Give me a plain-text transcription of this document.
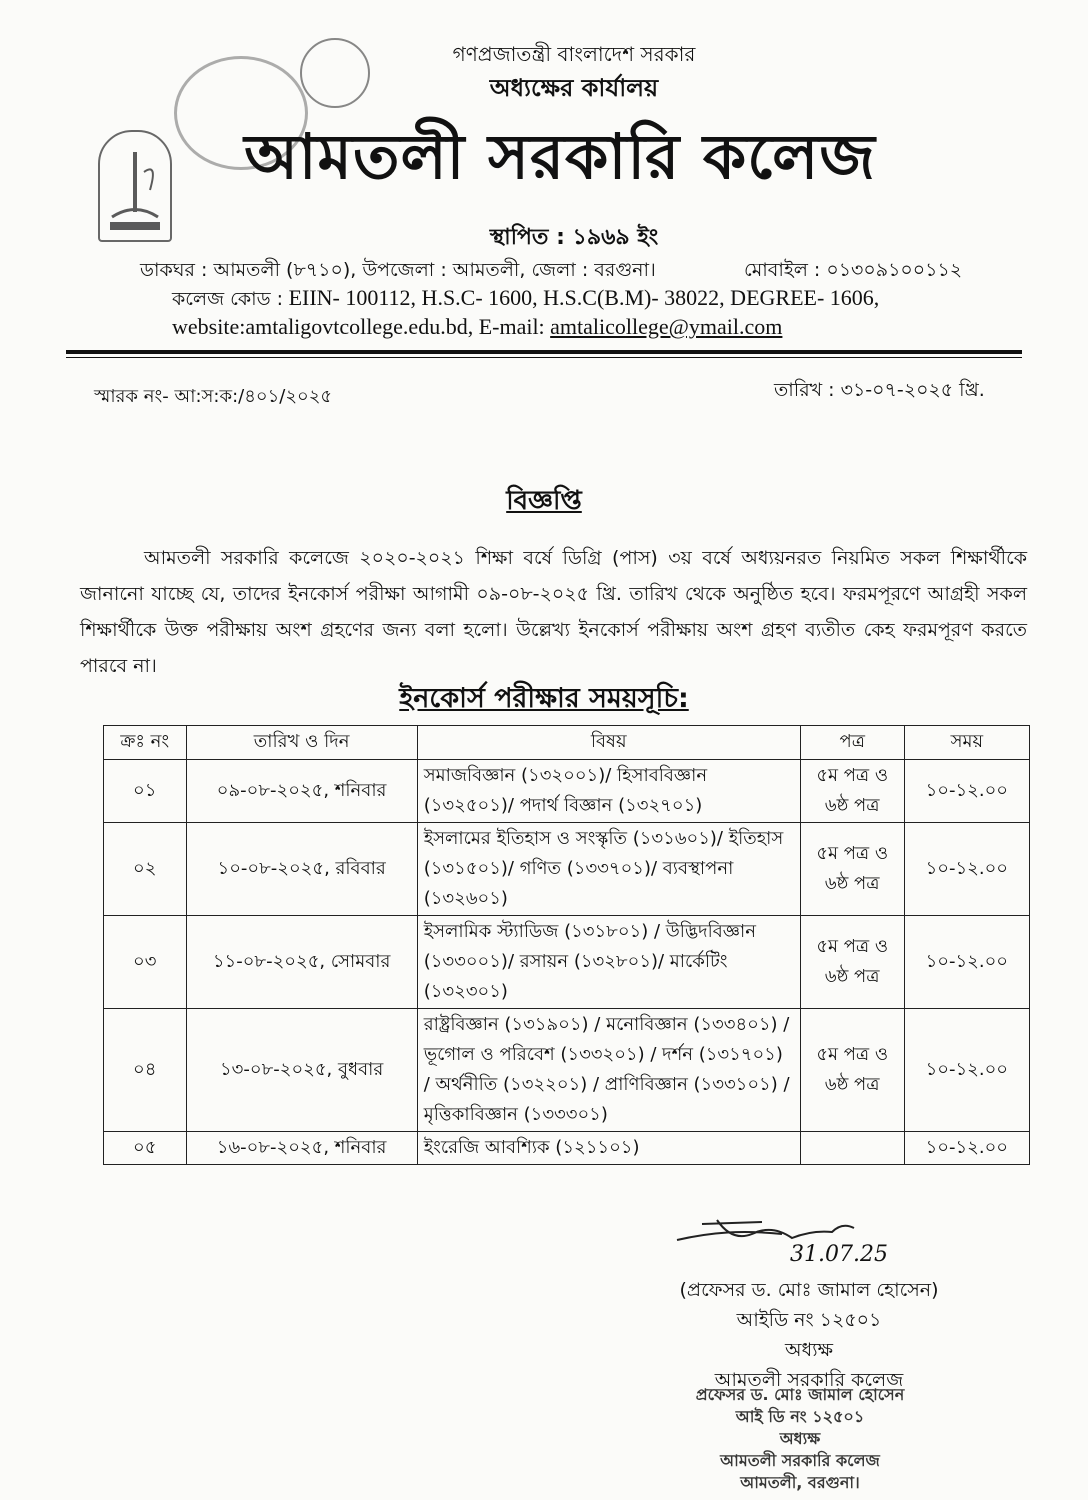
গণপ্রজাতন্ত্রী বাংলাদেশ সরকার
অধ্যক্ষের কার্যালয়
আমতলী সরকারি কলেজ
স্থাপিত : ১৯৬৯ ইং
ডাকঘর : আমতলী (৮৭১০), উপজেলা : আমতলী, জেলা : বরগুনা।	মোবাইল : ০১৩০৯১০০১১২
কলেজ কোড : EIIN- 100112, H.S.C- 1600, H.S.C(B.M)- 38022, DEGREE- 1606,
website:amtaligovtcollege.edu.bd, E-mail: amtalicollege@ymail.com
স্মারক নং- আ:স:ক:/৪০১/২০২৫	তারিখ : ৩১-০৭-২০২৫ খ্রি.
বিজ্ঞপ্তি
আমতলী সরকারি কলেজে ২০২০-২০২১ শিক্ষা বর্ষে ডিগ্রি (পাস) ৩য় বর্ষে অধ্যয়নরত নিয়মিত সকল শিক্ষার্থীকে জানানো যাচ্ছে যে, তাদের ইনকোর্স পরীক্ষা আগামী ০৯-০৮-২০২৫ খ্রি. তারিখ থেকে অনুষ্ঠিত হবে। ফরমপূরণে আগ্রহী সকল শিক্ষার্থীকে উক্ত পরীক্ষায় অংশ গ্রহণের জন্য বলা হলো। উল্লেখ্য ইনকোর্স পরীক্ষায় অংশ গ্রহণ ব্যতীত কেহ ফরমপূরণ করতে পারবে না।
ইনকোর্স পরীক্ষার সময়সূচি:
ক্রঃ নং	তারিখ ও দিন	বিষয়	পত্র	সময়
০১	০৯-০৮-২০২৫, শনিবার	সমাজবিজ্ঞান (১৩২০০১)/ হিসাববিজ্ঞান (১৩২৫০১)/ পদার্থ বিজ্ঞান (১৩২৭০১)	৫ম পত্র ও ৬ষ্ঠ পত্র	১০-১২.০০
০২	১০-০৮-২০২৫, রবিবার	ইসলামের ইতিহাস ও সংস্কৃতি (১৩১৬০১)/ ইতিহাস (১৩১৫০১)/ গণিত (১৩৩৭০১)/ ব্যবস্থাপনা (১৩২৬০১)	৫ম পত্র ও ৬ষ্ঠ পত্র	১০-১২.০০
০৩	১১-০৮-২০২৫, সোমবার	ইসলামিক স্ট্যাডিজ (১৩১৮০১) / উদ্ভিদবিজ্ঞান (১৩৩০০১)/ রসায়ন (১৩২৮০১)/ মার্কেটিং (১৩২৩০১)	৫ম পত্র ও ৬ষ্ঠ পত্র	১০-১২.০০
০৪	১৩-০৮-২০২৫, বুধবার	রাষ্ট্রবিজ্ঞান (১৩১৯০১) / মনোবিজ্ঞান (১৩৩৪০১) / ভূগোল ও পরিবেশ (১৩৩২০১) / দর্শন (১৩১৭০১) / অর্থনীতি (১৩২২০১) / প্রাণিবিজ্ঞান (১৩৩১০১) / মৃত্তিকাবিজ্ঞান (১৩৩৩০১)	৫ম পত্র ও ৬ষ্ঠ পত্র	১০-১২.০০
০৫	১৬-০৮-২০২৫, শনিবার	ইংরেজি আবশ্যিক (১২১১০১)		১০-১২.০০
31.07.25
(প্রফেসর ড. মোঃ জামাল হোসেন)
আইডি নং ১২৫০১
অধ্যক্ষ
আমতলী সরকারি কলেজ
প্রফেসর ড. মোঃ জামাল হোসেন
আই ডি নং ১২৫০১
অধ্যক্ষ
আমতলী সরকারি কলেজ
আমতলী, বরগুনা।
